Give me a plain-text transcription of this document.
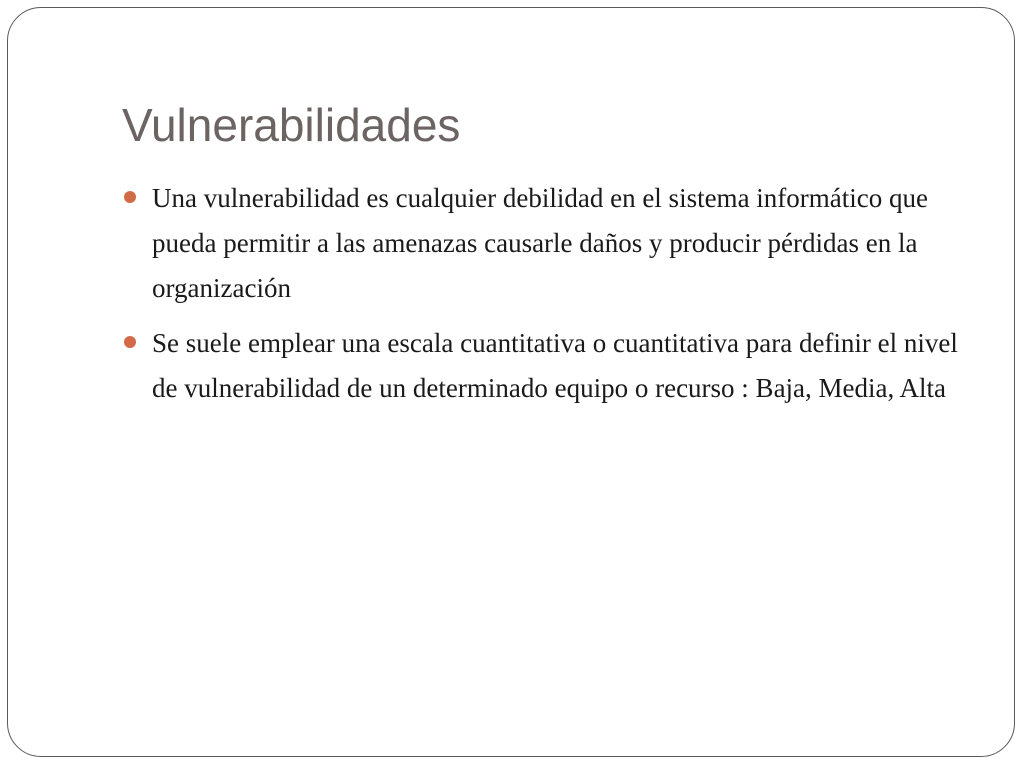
Vulnerabilidades
Una vulnerabilidad es cualquier debilidad en el sistema informático que pueda permitir a las amenazas causarle daños y producir pérdidas en la organización
Se suele emplear una escala cuantitativa o cuantitativa para definir el nivel de vulnerabilidad de un determinado equipo o recurso : Baja, Media, Alta
